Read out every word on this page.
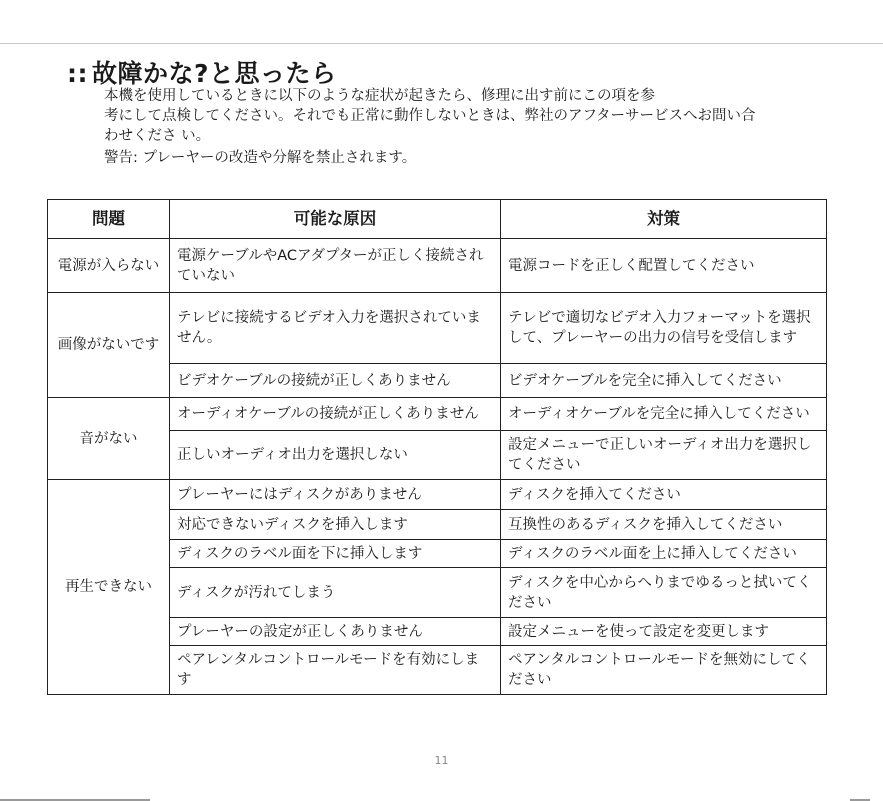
:: 故障かな?と思ったら

本機を使用しているときに以下のような症状が起きたら、修理に出す前にこの項を参

考にして点検してください。それでも正常に動作しないときは、弊社のアフターサービスへお問い合

わせくださ い。

警告: プレーヤーの改造や分解を禁止されます。
問題	可能な原因	対策
電源が入らない	電源ケーブルやACアダプターが正しく接続されていない	電源コードを正しく配置してください
画像がないです	テレビに接続するビデオ入力を選択されていません。	テレビで適切なビデオ入力フォーマットを選択して、プレーヤーの出力の信号を受信します
	ビデオケーブルの接続が正しくありません	ビデオケーブルを完全に挿入してください
音がない	オーディオケーブルの接続が正しくありません	オーディオケーブルを完全に挿入してください
	正しいオーディオ出力を選択しない	設定メニューで正しいオーディオ出力を選択してください
再生できない	プレーヤーにはディスクがありません	ディスクを挿入てください
	対応できないディスクを挿入します	互換性のあるディスクを挿入してください
	ディスクのラベル面を下に挿入します	ディスクのラベル面を上に挿入してください
	ディスクが汚れてしまう	ディスクを中心からへりまでゆるっと拭いてください
	プレーヤーの設定が正しくありません	設定メニューを使って設定を変更します
	ペアレンタルコントロールモードを有効にします	ペアンタルコントロールモードを無効にしてください
11
